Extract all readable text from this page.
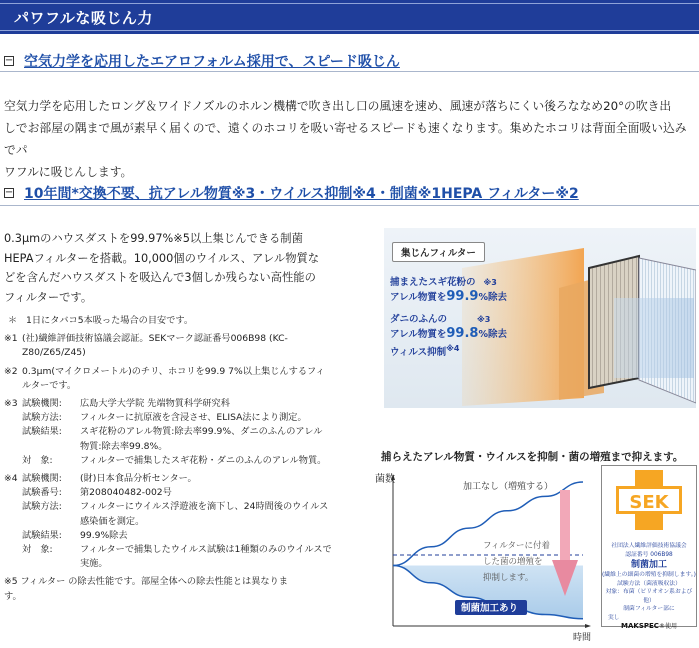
パワフルな吸じん力
− 空気力学を応用したエアロフォルム採用で、スピード吸じん
空気力学を応用したロング＆ワイドノズルのホルン機構で吹き出し口の風速を速め、風速が落ちにくい後ろななめ20°の吹き出
しでお部屋の隅まで風が素早く届くので、遠くのホコリを吸い寄せるスピードも速くなります。集めたホコリは背面全面吸い込みでパ
ワフルに吸じんします。
− 10年間*交換不要、抗アレル物質※3・ウイルス抑制※4・制菌※1HEPA フィルター※2
0.3μmのハウスダストを99.97%※5以上集じんできる制菌
HEPAフィルターを搭載。10,000個のウイルス、アレル物質な
どを含んだハウスダストを吸込んで3個しか残らない高性能の
フィルターです。
＊ 1日にタバコ5本吸った場合の目安です。
※1 (社)繊維評価技術協議会認証。SEKマーク認証番号006B98 (KC-
Z80/Z65/Z45)
※2 0.3μm(マイクロメートル)のチリ、ホコリを99.9 7%以上集じんするフィ
ルターです。
※3 試験機関:	広島大学大学院 先端物質科学研究科
試験方法:	フィルターに抗原液を含浸させ、ELISA法により測定。
試験結果:	スギ花粉のアレル物質:除去率99.9%、ダニのふんのアレル
物質:除去率99.8%。
対　象:	フィルターで捕集したスギ花粉・ダニのふんのアレル物質。
※4 試験機関:	(財)日本食品分析センター。
試験番号:	第208040482-002号
試験方法:	フィルターにウイルス浮遊液を滴下し、24時間後のウイルス
感染価を測定。
試験結果:	99.9%除去
対　象:	フィルターで捕集したウイルス試験は1種類のみのウイルスで
実施。
※5 フィルター の除去性能です。部屋全体への除去性能とは異なりま
す。
集じんフィルター
捕まえたスギ花粉の ※3
アレル物質を99.9%除去
ダニのふんの	※3
アレル物質を99.8%除去
ウィルス抑制$^{※4}$
捕らえたアレル物質・ウイルスを抑制・菌の増殖まで抑えます。
菌数
時間
加工なし（増殖する）
フィルターに付着
した菌の増殖を
抑制します。
制菌加工あり
SEK
社団法人繊維評価技術協議会
認証番号 006B98
制菌加工
(繊維上の細菌の増殖を抑制します。)
試験方法（菌液吸収法）
対象：布菌（ピリオオン系および他）
制菌フィルター部に
実し
MAKSPEC®使用
